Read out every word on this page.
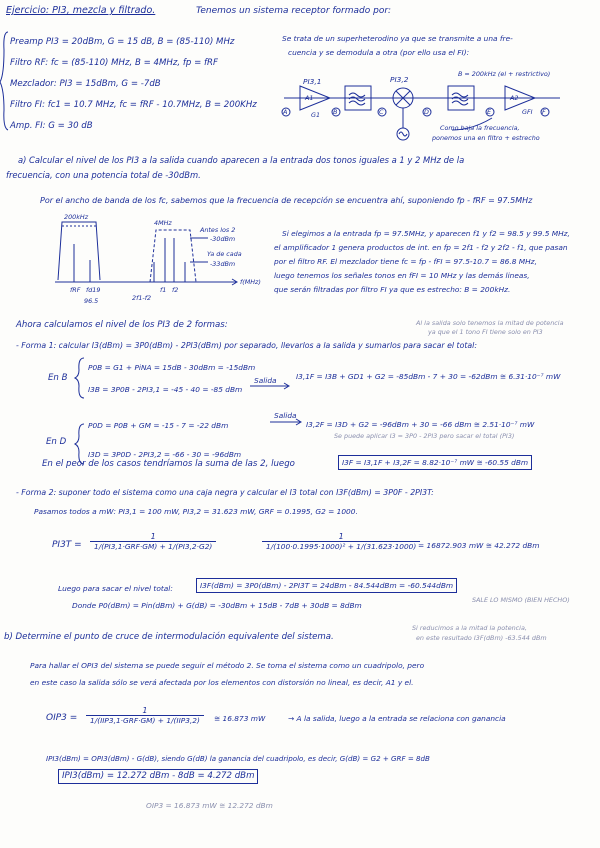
Ejercicio: PI3, mezcla y filtrado.	Tenemos un sistema receptor formado por:
Preamp PI3 = 20dBm, G = 15 dB, B = (85-110) MHz
Filtro RF: fc = (85-110) MHz, B = 4MHz, fp = fRF
Mezclador: PI3 = 15dBm, G = -7dB
Filtro FI: fc1 = 10.7 MHz, fc = fRF - 10.7MHz, B = 200KHz
Amp. FI: G = 30 dB
Se trata de un superheterodino ya que se transmite a una fre-
cuencia y se demodula a otra (por ello usa el FI):
PI3,1	PI3,2
B = 200kHz (el + restrictivo)
A1
G1
A2
GFI
A	B	C	D	E	F
Como baja la frecuencia,
ponemos una en filtro + estrecho
a) Calcular el nivel de los PI3 a la salida cuando aparecen a la entrada dos tonos iguales a 1 y 2 MHz de la
frecuencia, con una potencia total de -30dBm.
Por el ancho de banda de los fc, sabemos que la frecuencia de recepción se encuentra ahí, suponiendo fp - fRF = 97.5MHz
200kHz
4MHz
Antes los 2
-30dBm
Ya de cada
-33dBm
fRF fd19
96.5	2f1-f2
f1 f2
f(MHz)
Si elegimos a la entrada fp = 97.5MHz, y aparecen f1 y f2 = 98.5 y 99.5 MHz,
el amplificador 1 genera productos de int. en fp = 2f1 - f2 y 2f2 - f1, que pasan
por el filtro RF. El mezclador tiene fc = fp - fFI = 97.5-10.7 = 86.8 MHz,
luego tenemos los señales tonos en fFI = 10 MHz y las demás lineas,
que serán filtradas por filtro FI ya que es estrecho: B = 200kHz.
Al la salida solo tenemos la mitad de potencia
ya que el 1 tono FI tiene solo en PI3
Ahora calculamos el nivel de los PI3 de 2 formas:
- Forma 1: calcular I3(dBm) = 3P0(dBm) - 2PI3(dBm) por separado, llevarlos a la salida y sumarlos para sacar el total:
En B
P0B = G1 + PiNA = 15dB - 30dBm = -15dBm
I3B = 3P0B - 2PI3,1 = -45 - 40 = -85 dBm
Salida	I3,1F = I3B + GD1 + G2 = -85dBm - 7 + 30 = -62dBm ≅ 6.31·10⁻⁷ mW
En D
P0D = P0B + GM = -15 - 7 = -22 dBm
I3D = 3P0D - 2PI3,2 = -66 - 30 = -96dBm
Salida
I3,2F = I3D + G2 = -96dBm + 30 = -66 dBm ≅ 2.51·10⁻⁷ mW
Se puede aplicar I3 = 3P0 - 2PI3 pero sacar el total (PI3)
En el peor de los casos tendríamos la suma de las 2, luego	I3F = I3,1F + I3,2F = 8.82·10⁻⁷ mW ≅ -60.55 dBm
- Forma 2: suponer todo el sistema como una caja negra y calcular el I3 total con I3F(dBm) = 3P0F - 2PI3T:
Pasamos todos a mW: PI3,1 = 100 mW, PI3,2 = 31.623 mW, GRF = 0.1995, G2 = 1000.
PI3T =
1
1/(PI3,1·GRF·GM) + 1/(PI3,2·G2)	$\frac{1}{\text{1/(100·0.1995·1000)² + 1/(31.623·1000)}}$
= 16872.903 mW ≅ 42.272 dBm
Luego para sacar el nivel total:	I3F(dBm) = 3P0(dBm) - 2PI3T = 24dBm - 84.544dBm = -60.544dBm
SALE LO MISMO (BIEN HECHO)
Donde P0(dBm) = Pin(dBm) + G(dB) = -30dBm + 15dB - 7dB + 30dB = 8dBm
b) Determine el punto de cruce de intermodulación equivalente del sistema.
Si reducimos a la mitad la potencia,
en este resultado I3F(dBm) -63.544 dBm
Para hallar el OPI3 del sistema se puede seguir el método 2. Se toma el sistema como un cuadripolo, pero
en este caso la salida sólo se verá afectada por los elementos con distorsión no lineal, es decir, A1 y el.
OIP3 =
1
1/(IIP3,1·GRF·GM) + 1/(IIP3,2)	≅ 16.873 mW	→ A la salida, luego a la entrada se relaciona con ganancia
IPI3(dBm) = OPI3(dBm) - G(dB), siendo G(dB) la ganancia del cuadripolo, es decir, G(dB) = G2 + GRF = 8dB
IPI3(dBm) = 12.272 dBm - 8dB = 4.272 dBm
OIP3 = 16.873 mW ≅ 12.272 dBm
